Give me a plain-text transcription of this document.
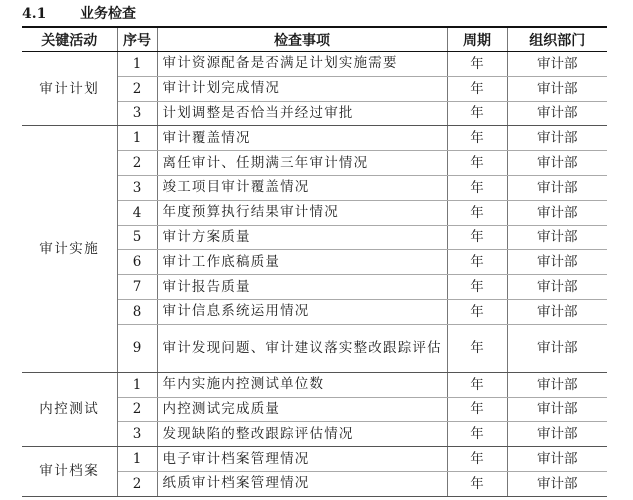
4.1 业务检查
关键活动	序号	检查事项	周期	组织部门
审计计划	1	审计资源配备是否满足计划实施需要	年	审计部
	2	审计计划完成情况	年	审计部
	3	计划调整是否恰当并经过审批	年	审计部
审计实施	1	审计覆盖情况	年	审计部
	2	离任审计、任期满三年审计情况	年	审计部
	3	竣工项目审计覆盖情况	年	审计部
	4	年度预算执行结果审计情况	年	审计部
	5	审计方案质量	年	审计部
	6	审计工作底稿质量	年	审计部
	7	审计报告质量	年	审计部
	8	审计信息系统运用情况	年	审计部
	9	审计发现问题、审计建议落实整改跟踪评估	年	审计部
内控测试	1	年内实施内控测试单位数	年	审计部
	2	内控测试完成质量	年	审计部
	3	发现缺陷的整改跟踪评估情况	年	审计部
审计档案	1	电子审计档案管理情况	年	审计部
	2	纸质审计档案管理情况	年	审计部
